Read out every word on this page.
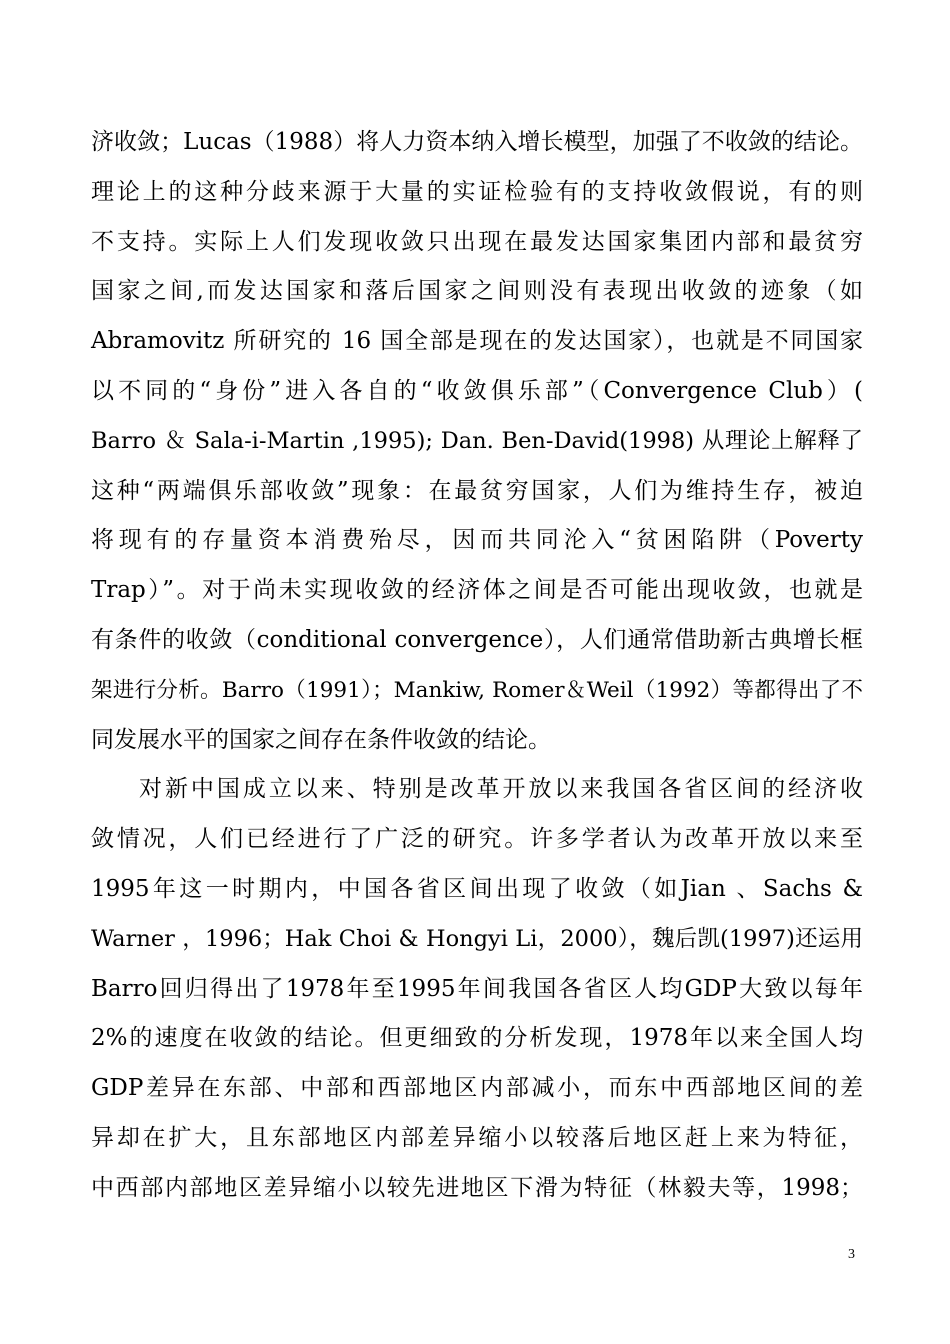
济收敛；Lucas（1988）将人力资本纳入增长模型，加强了不收敛的结论。
理论上的这种分歧来源于大量的实证检验有的支持收敛假说，有的则
不支持。实际上人们发现收敛只出现在最发达国家集团内部和最贫穷
国家之间,而发达国家和落后国家之间则没有表现出收敛的迹象（如
Abramovitz 所研究的 16 国全部是现在的发达国家），也就是不同国家
以不同的“身份”进入各自的“收敛俱乐部”（Convergence Club）(
Barro ＆ Sala-i-Martin ,1995); Dan. Ben-David(1998) 从理论上解释了
这种“两端俱乐部收敛”现象：在最贫穷国家，人们为维持生存，被迫
将现有的存量资本消费殆尽，因而共同沦入“贫困陷阱（Poverty
Trap）”。对于尚未实现收敛的经济体之间是否可能出现收敛，也就是
有条件的收敛（conditional convergence），人们通常借助新古典增长框
架进行分析。Barro（1991）；Mankiw, Romer＆Weil（1992）等都得出了不
同发展水平的国家之间存在条件收敛的结论。
对新中国成立以来、特别是改革开放以来我国各省区间的经济收
敛情况，人们已经进行了广泛的研究。许多学者认为改革开放以来至
1995年这一时期内，中国各省区间出现了收敛（如Jian 、Sachs &
Warner ，1996；Hak Choi & Hongyi Li，2000），魏后凯(1997)还运用
Barro回归得出了1978年至1995年间我国各省区人均GDP大致以每年
2%的速度在收敛的结论。但更细致的分析发现，1978年以来全国人均
GDP差异在东部、中部和西部地区内部减小，而东中西部地区间的差
异却在扩大，且东部地区内部差异缩小以较落后地区赶上来为特征，
中西部内部地区差异缩小以较先进地区下滑为特征（林毅夫等，1998；
3
